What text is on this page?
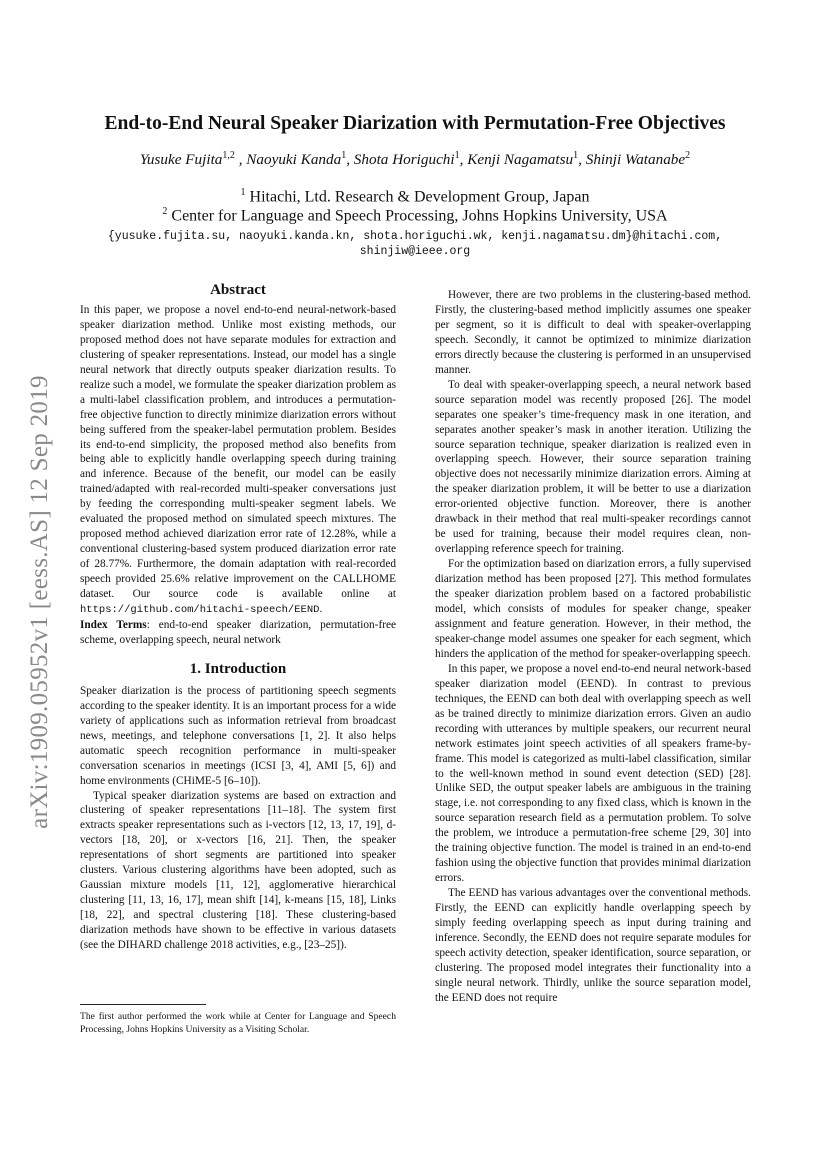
arXiv:1909.05952v1 [eess.AS] 12 Sep 2019
End-to-End Neural Speaker Diarization with Permutation-Free Objectives
Yusuke Fujita$^{1,2}$ , Naoyuki Kanda$^1$, Shota Horiguchi$^1$, Kenji Nagamatsu$^1$, Shinji Watanabe$^2$
$^1$ Hitachi, Ltd. Research & Development Group, Japan
$^2$ Center for Language and Speech Processing, Johns Hopkins University, USA
{yusuke.fujita.su, naoyuki.kanda.kn, shota.horiguchi.wk, kenji.nagamatsu.dm}@hitachi.com,
shinjiw@ieee.org
Abstract

In this paper, we propose a novel end-to-end neural-network-based speaker diarization method. Unlike most existing methods, our proposed method does not have separate modules for extraction and clustering of speaker representations. Instead, our model has a single neural network that directly outputs speaker diarization results. To realize such a model, we formulate the speaker diarization problem as a multi-label classification problem, and introduces a permutation-free objective function to directly minimize diarization errors without being suffered from the speaker-label permutation problem. Besides its end-to-end simplicity, the proposed method also benefits from being able to explicitly handle overlapping speech during training and inference. Because of the benefit, our model can be easily trained/adapted with real-recorded multi-speaker conversations just by feeding the corresponding multi-speaker segment labels. We evaluated the proposed method on simulated speech mixtures. The proposed method achieved diarization error rate of 12.28%, while a conventional clustering-based system produced diarization error rate of 28.77%. Furthermore, the domain adaptation with real-recorded speech provided 25.6% relative improvement on the CALLHOME dataset. Our source code is available online at https://github.com/hitachi-speech/EEND.

Index Terms: end-to-end speaker diarization, permutation-free scheme, overlapping speech, neural network

1. Introduction

Speaker diarization is the process of partitioning speech segments according to the speaker identity. It is an important process for a wide variety of applications such as information retrieval from broadcast news, meetings, and telephone conversations [1, 2]. It also helps automatic speech recognition performance in multi-speaker conversation scenarios in meetings (ICSI [3, 4], AMI [5, 6]) and home environments (CHiME-5 [6–10]).

Typical speaker diarization systems are based on extraction and clustering of speaker representations [11–18]. The system first extracts speaker representations such as i-vectors [12, 13, 17, 19], d-vectors [18, 20], or x-vectors [16, 21]. Then, the speaker representations of short segments are partitioned into speaker clusters. Various clustering algorithms have been adopted, such as Gaussian mixture models [11, 12], agglomerative hierarchical clustering [11, 13, 16, 17], mean shift [14], k-means [15, 18], Links [18, 22], and spectral clustering [18]. These clustering-based diarization methods have shown to be effective in various datasets (see the DIHARD challenge 2018 activities, e.g., [23–25]).

The first author performed the work while at Center for Language and Speech Processing, Johns Hopkins University as a Visiting Scholar.

However, there are two problems in the clustering-based method. Firstly, the clustering-based method implicitly assumes one speaker per segment, so it is difficult to deal with speaker-overlapping speech. Secondly, it cannot be optimized to minimize diarization errors directly because the clustering is performed in an unsupervised manner.

To deal with speaker-overlapping speech, a neural network based source separation model was recently proposed [26]. The model separates one speaker’s time-frequency mask in one iteration, and separates another speaker’s mask in another iteration. Utilizing the source separation technique, speaker diarization is realized even in overlapping speech. However, their source separation training objective does not necessarily minimize diarization errors. Aiming at the speaker diarization problem, it will be better to use a diarization error-oriented objective function. Moreover, there is another drawback in their method that real multi-speaker recordings cannot be used for training, because their model requires clean, non-overlapping reference speech for training.

For the optimization based on diarization errors, a fully supervised diarization method has been proposed [27]. This method formulates the speaker diarization problem based on a factored probabilistic model, which consists of modules for speaker change, speaker assignment and feature generation. However, in their method, the speaker-change model assumes one speaker for each segment, which hinders the application of the method for speaker-overlapping speech.

In this paper, we propose a novel end-to-end neural network-based speaker diarization model (EEND). In contrast to previous techniques, the EEND can both deal with overlapping speech as well as be trained directly to minimize diarization errors. Given an audio recording with utterances by multiple speakers, our recurrent neural network estimates joint speech activities of all speakers frame-by-frame. This model is categorized as multi-label classification, similar to the well-known method in sound event detection (SED) [28]. Unlike SED, the output speaker labels are ambiguous in the training stage, i.e. not corresponding to any fixed class, which is known in the source separation research field as a permutation problem. To solve the problem, we introduce a permutation-free scheme [29, 30] into the training objective function. The model is trained in an end-to-end fashion using the objective function that provides minimal diarization errors.

The EEND has various advantages over the conventional methods. Firstly, the EEND can explicitly handle overlapping speech by simply feeding overlapping speech as input during training and inference. Secondly, the EEND does not require separate modules for speech activity detection, speaker identification, source separation, or clustering. The proposed model integrates their functionality into a single neural network. Thirdly, unlike the source separation model, the EEND does not require
